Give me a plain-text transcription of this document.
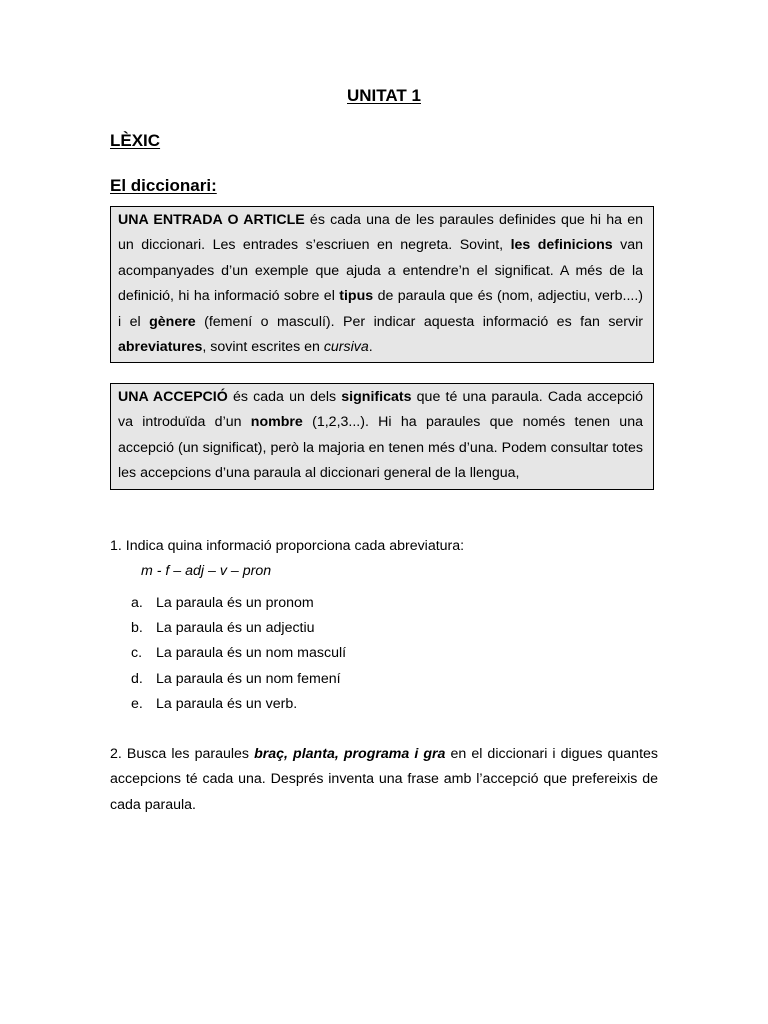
UNITAT 1
LÈXIC
El diccionari:
UNA ENTRADA O ARTICLE és cada una de les paraules definides que hi ha en un diccionari. Les entrades s’escriuen en negreta. Sovint, les definicions van acompanyades d’un exemple que ajuda a entendre’n el significat. A més de la definició, hi ha informació sobre el tipus de paraula que és (nom, adjectiu, verb....) i el gènere (femení o masculí). Per indicar aquesta informació es fan servir abreviatures, sovint escrites en cursiva.
UNA ACCEPCIÓ és cada un dels significats que té una paraula. Cada accepció va introduïda d’un nombre (1,2,3...). Hi ha paraules que només tenen una accepció (un significat), però la majoria en tenen més d’una. Podem consultar totes les accepcions d’una paraula al diccionari general de la llengua,
1. Indica quina informació proporciona cada abreviatura:
m - f – adj – v – pron
a. La paraula és un pronom
b. La paraula és un adjectiu
c. La paraula és un nom masculí
d. La paraula és un nom femení
e. La paraula és un verb.
2. Busca les paraules braç, planta, programa i gra en el diccionari i digues quantes accepcions té cada una. Després inventa una frase amb l’accepció que prefereixis de cada paraula.
